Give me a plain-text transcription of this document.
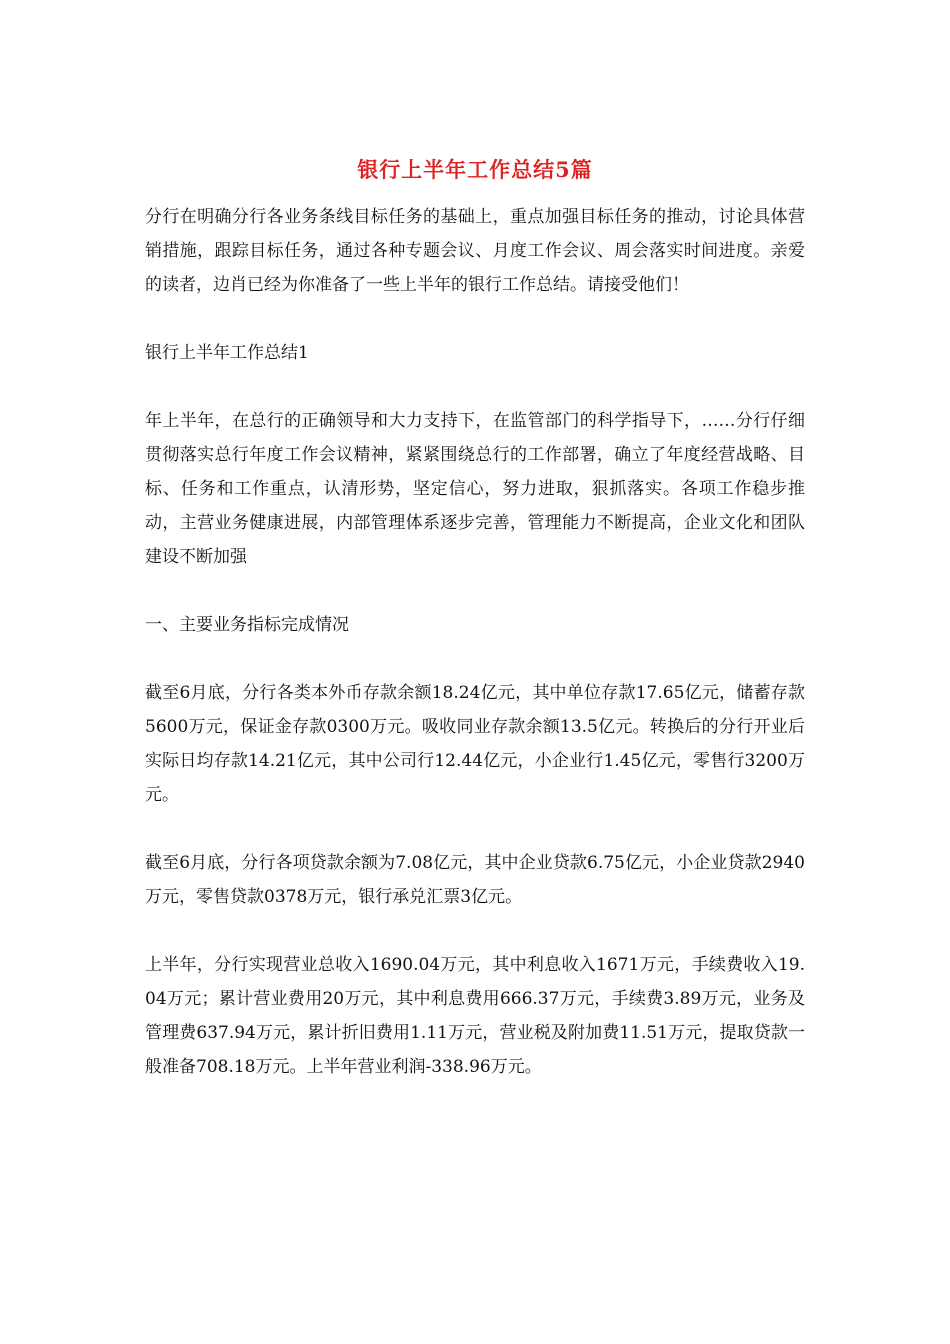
银行上半年工作总结5篇

分行在明确分行各业务条线目标任务的基础上，重点加强目标任务的推动，讨论具体营销措施，跟踪目标任务，通过各种专题会议、月度工作会议、周会落实时间进度。亲爱的读者，边肖已经为你准备了一些上半年的银行工作总结。请接受他们！

银行上半年工作总结1

年上半年，在总行的正确领导和大力支持下，在监管部门的科学指导下，……分行仔细贯彻落实总行年度工作会议精神，紧紧围绕总行的工作部署，确立了年度经营战略、目标、任务和工作重点，认清形势，坚定信心，努力进取，狠抓落实。各项工作稳步推动，主营业务健康进展，内部管理体系逐步完善，管理能力不断提高，企业文化和团队建设不断加强

一、主要业务指标完成情况

截至6月底，分行各类本外币存款余额18.24亿元，其中单位存款17.65亿元，储蓄存款5600万元，保证金存款0300万元。吸收同业存款余额13.5亿元。转换后的分行开业后实际日均存款14.21亿元，其中公司行12.44亿元，小企业行1.45亿元，零售行3200万元。

截至6月底，分行各项贷款余额为7.08亿元，其中企业贷款6.75亿元，小企业贷款2940万元，零售贷款0378万元，银行承兑汇票3亿元。

上半年，分行实现营业总收入1690.04万元，其中利息收入1671万元，手续费收入19.04万元；累计营业费用20万元，其中利息费用666.37万元，手续费3.89万元，业务及管理费637.94万元，累计折旧费用1.11万元，营业税及附加费11.51万元，提取贷款一般准备708.18万元。上半年营业利润-338.96万元。
